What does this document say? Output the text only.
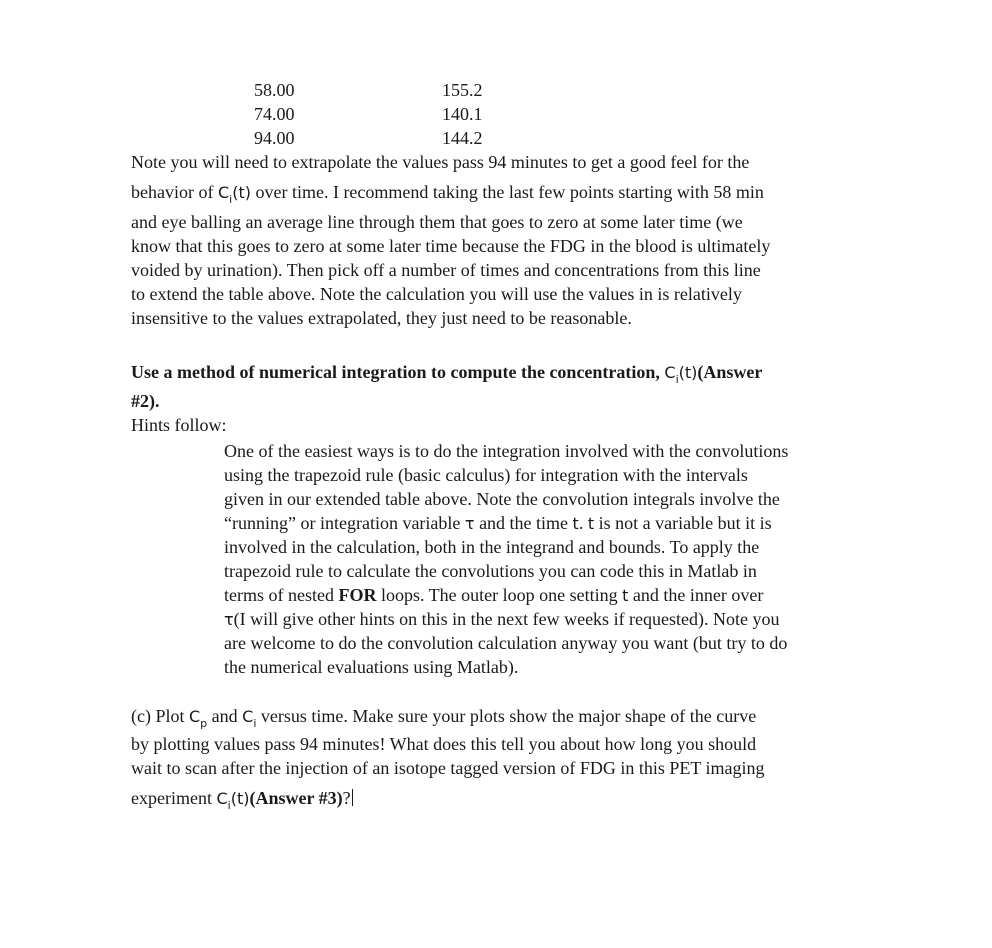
58.00	155.2
74.00	140.1
94.00	144.2
Note you will need to extrapolate the values pass 94 minutes to get a good feel for the
behavior of $C_i(t)$ over time. I recommend taking the last few points starting with 58 min
and eye balling an average line through them that goes to zero at some later time (we
know that this goes to zero at some later time because the FDG in the blood is ultimately
voided by urination). Then pick off a number of times and concentrations from this line
to extend the table above. Note the calculation you will use the values in is relatively
insensitive to the values extrapolated, they just need to be reasonable.
Use a method of numerical integration to compute the concentration, $C_i(t)(Answer$
#2).
Hints follow:
One of the easiest ways is to do the integration involved with the convolutions
using the trapezoid rule (basic calculus) for integration with the intervals
given in our extended table above. Note the convolution integrals involve the
“running” or integration variable τ and the time t. t is not a variable but it is
involved in the calculation, both in the integrand and bounds. To apply the
trapezoid rule to calculate the convolutions you can code this in Matlab in
terms of nested FOR loops. The outer loop one setting t and the inner over
τ(I will give other hints on this in the next few weeks if requested). Note you
are welcome to do the convolution calculation anyway you want (but try to do
the numerical evaluations using Matlab).
(c) Plot $C_p$ and $C_i$ versus time. Make sure your plots show the major shape of the curve
by plotting values pass 94 minutes! What does this tell you about how long you should
wait to scan after the injection of an isotope tagged version of FDG in this PET imaging
experiment $C_i(t)(Answer$ #3)?
